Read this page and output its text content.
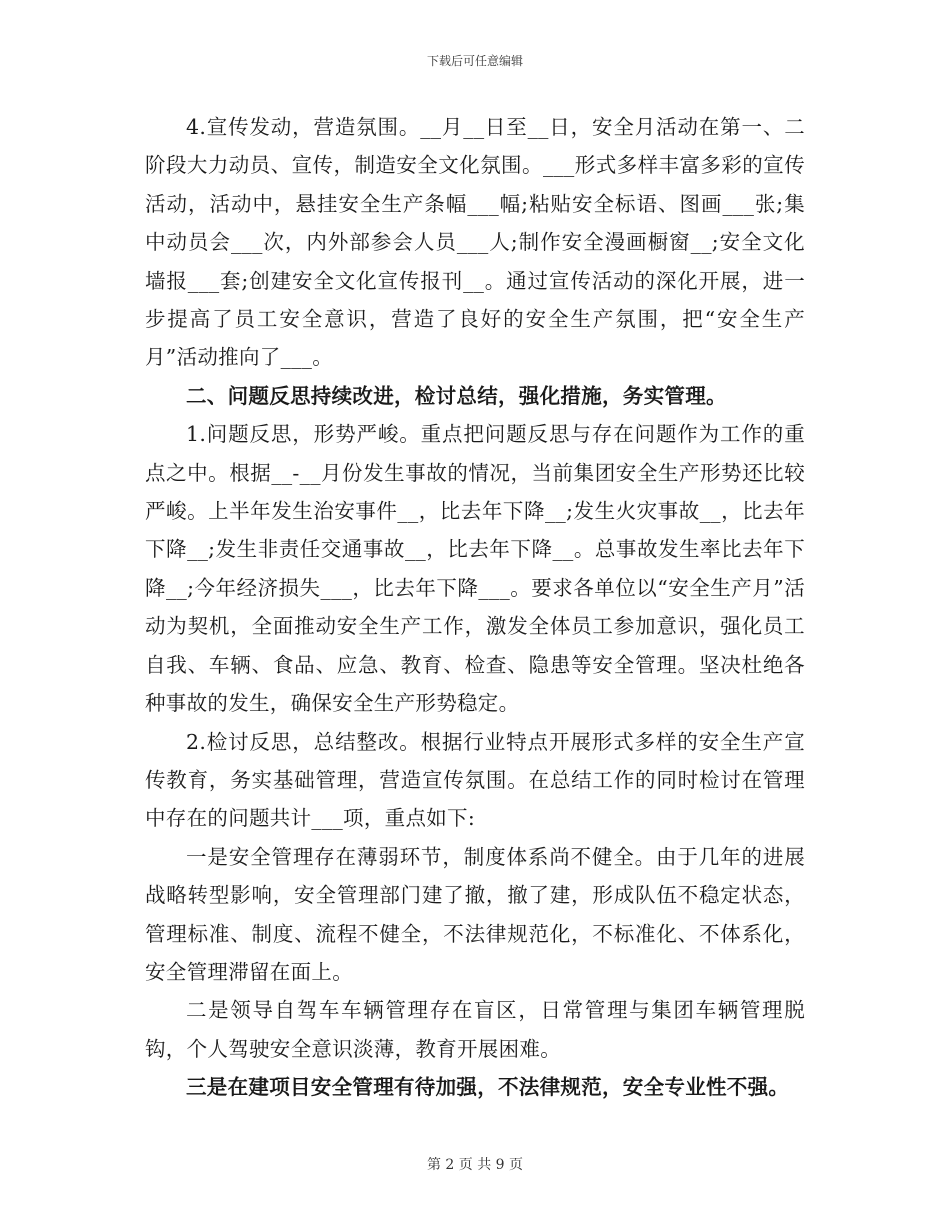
下载后可任意编辑

4.宣传发动，营造氛围。__月__日至__日，安全月活动在第一、二阶段大力动员、宣传，制造安全文化氛围。___形式多样丰富多彩的宣传活动，活动中，悬挂安全生产条幅___幅;粘贴安全标语、图画___张;集中动员会___次，内外部参会人员___人;制作安全漫画橱窗__;安全文化墙报___套;创建安全文化宣传报刊__。通过宣传活动的深化开展，进一步提高了员工安全意识，营造了良好的安全生产氛围，把“安全生产月”活动推向了___。

二、问题反思持续改进，检讨总结，强化措施，务实管理。

1.问题反思，形势严峻。重点把问题反思与存在问题作为工作的重点之中。根据__-__月份发生事故的情况，当前集团安全生产形势还比较严峻。上半年发生治安事件__，比去年下降__;发生火灾事故__，比去年下降__;发生非责任交通事故__，比去年下降__。总事故发生率比去年下降__;今年经济损失___，比去年下降___。要求各单位以“安全生产月”活动为契机，全面推动安全生产工作，激发全体员工参加意识，强化员工自我、车辆、食品、应急、教育、检查、隐患等安全管理。坚决杜绝各种事故的发生，确保安全生产形势稳定。

2.检讨反思，总结整改。根据行业特点开展形式多样的安全生产宣传教育，务实基础管理，营造宣传氛围。在总结工作的同时检讨在管理中存在的问题共计___项，重点如下:

一是安全管理存在薄弱环节，制度体系尚不健全。由于几年的进展战略转型影响，安全管理部门建了撤，撤了建，形成队伍不稳定状态，管理标准、制度、流程不健全，不法律规范化，不标准化、不体系化，安全管理滞留在面上。

二是领导自驾车车辆管理存在盲区，日常管理与集团车辆管理脱钩，个人驾驶安全意识淡薄，教育开展困难。

三是在建项目安全管理有待加强，不法律规范，安全专业性不强。

第 2 页 共 9 页
